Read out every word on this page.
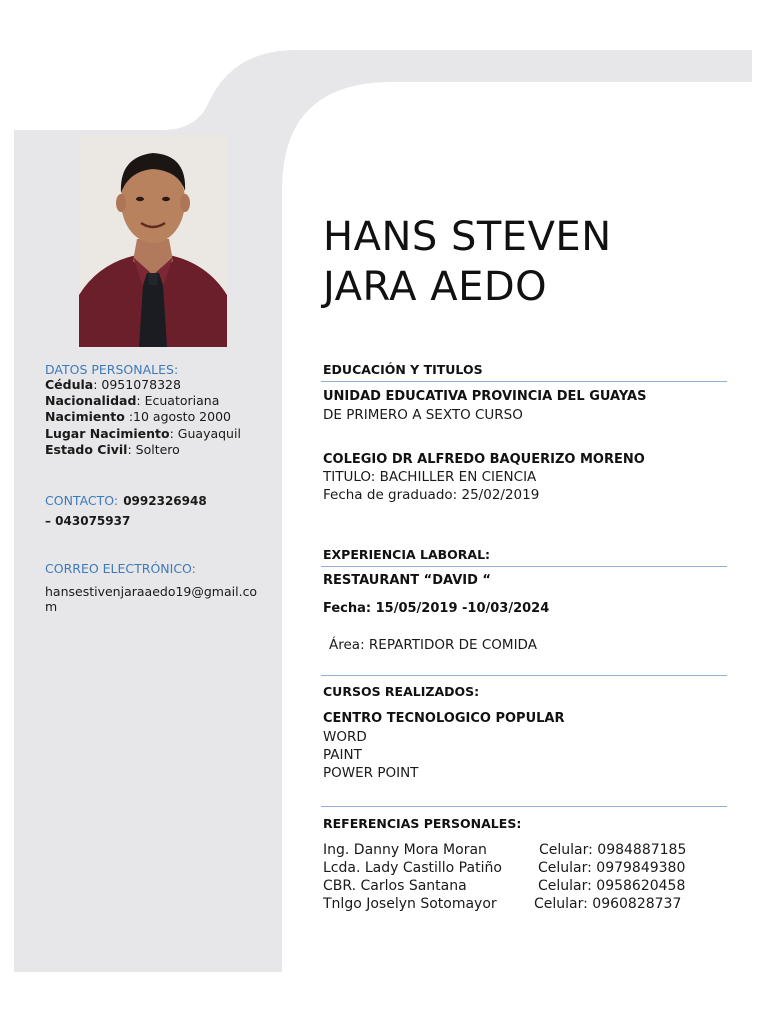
DATOS PERSONALES:
Cédula: 0951078328
Nacionalidad: Ecuatoriana
Nacimiento :10 agosto 2000
Lugar Nacimiento: Guayaquil
Estado Civil: Soltero
CONTACTO: 0992326948
– 043075937
CORREO ELECTRÓNICO:
hansestivenjaraaedo19@gmail.co
m
HANS STEVEN
JARA AEDO
EDUCACIÓN Y TITULOS
UNIDAD EDUCATIVA PROVINCIA DEL GUAYAS
DE PRIMERO A SEXTO CURSO
COLEGIO DR ALFREDO BAQUERIZO MORENO
TITULO: BACHILLER EN CIENCIA
Fecha de graduado: 25/02/2019
EXPERIENCIA LABORAL:
RESTAURANT “DAVID “
Fecha: 15/05/2019 -10/03/2024
Área: REPARTIDOR DE COMIDA
CURSOS REALIZADOS:
CENTRO TECNOLOGICO POPULAR
WORD
PAINT
POWER POINT
REFERENCIAS PERSONALES:
Ing. Danny Mora Moran	Celular: 0984887185
Lcda. Lady Castillo Patiño	Celular: 0979849380
CBR. Carlos Santana	Celular: 0958620458
Tnlgo Joselyn Sotomayor	Celular: 0960828737
